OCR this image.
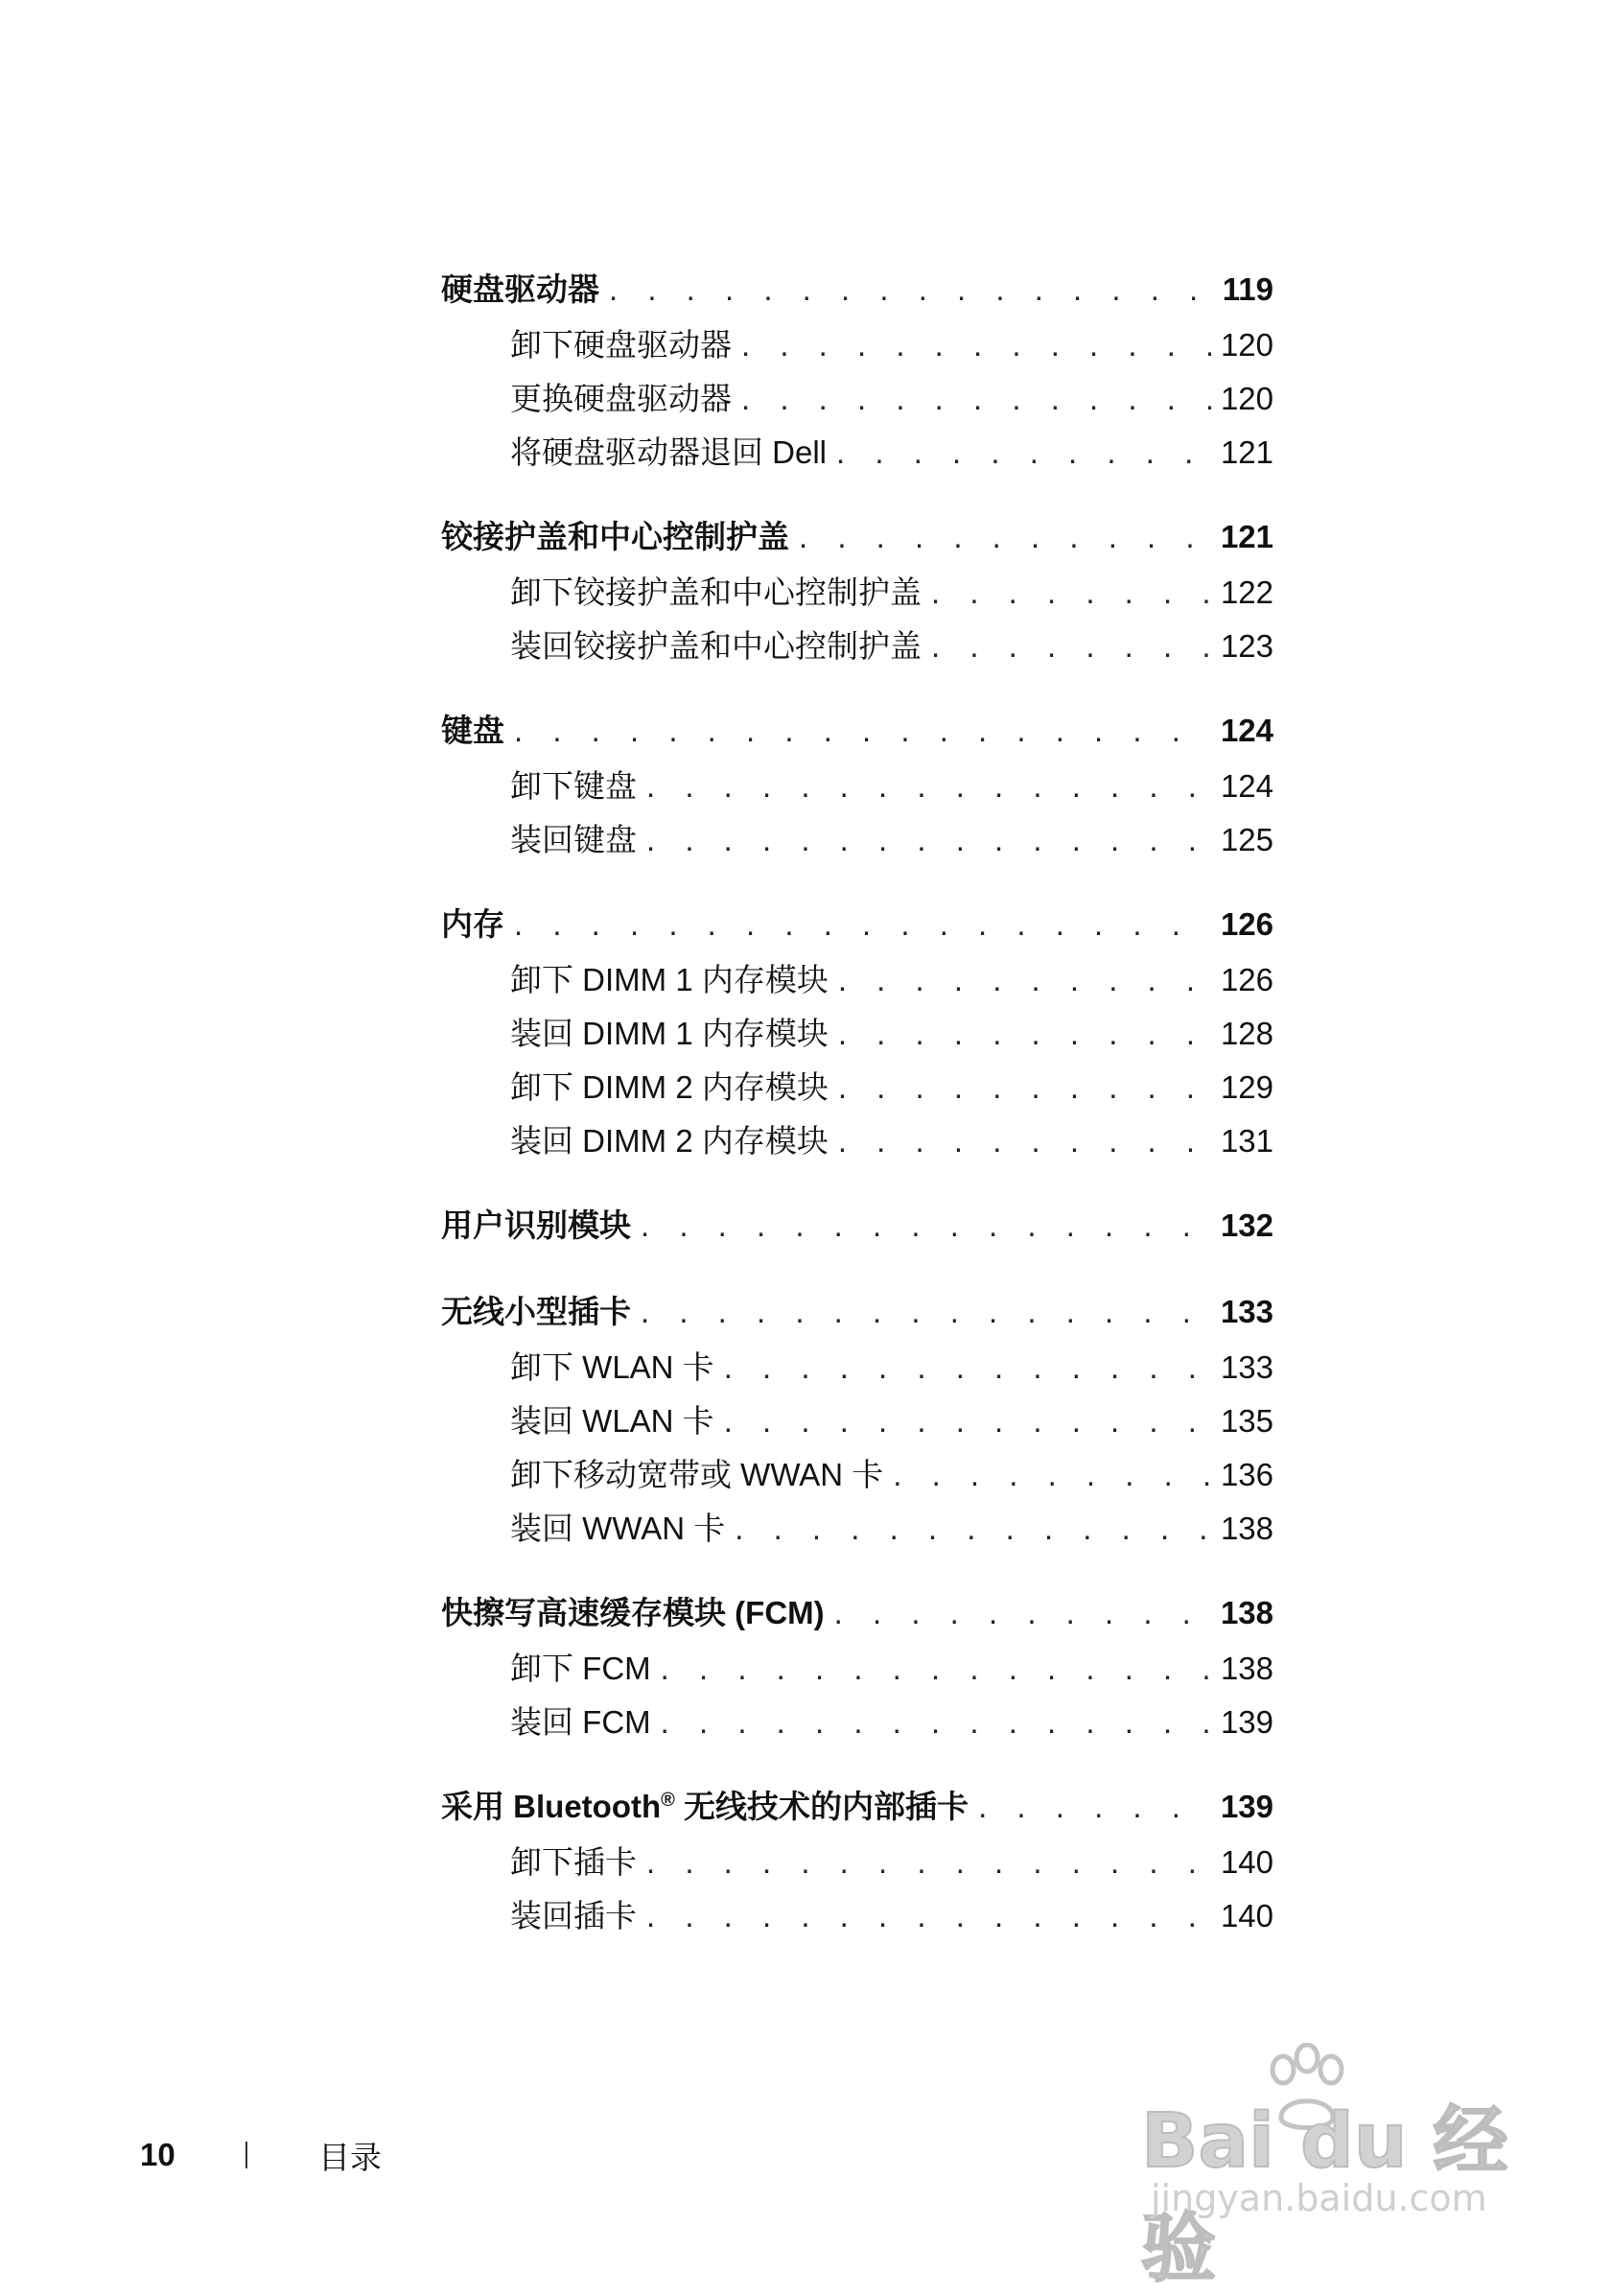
硬盘驱动器 . . .	119
卸下硬盘驱动器 . . .	120
更换硬盘驱动器 . . .	120
将硬盘驱动器退回 Dell . . .	121
铰接护盖和中心控制护盖 . . .	121
卸下铰接护盖和中心控制护盖 . . .	122
装回铰接护盖和中心控制护盖 . . .	123
键盘 . . .	124
卸下键盘 . . .	124
装回键盘 . . .	125
内存 . . .	126
卸下 DIMM 1 内存模块 . . .	126
装回 DIMM 1 内存模块 . . .	128
卸下 DIMM 2 内存模块 . . .	129
装回 DIMM 2 内存模块 . . .	131
用户识别模块 . . .	132
无线小型插卡 . . .	133
卸下 WLAN 卡 . . .	133
装回 WLAN 卡 . . .	135
卸下移动宽带或 WWAN 卡 . . .	136
装回 WWAN 卡 . . .	138
快擦写高速缓存模块 (FCM) . . .	138
卸下 FCM . . .	138
装回 FCM . . .	139
采用 Bluetooth® 无线技术的内部插卡 . . .	139
卸下插卡 . . .	140
装回插卡 . . .	140
10	目录	Bai du 经验
jingyan.baidu.com
